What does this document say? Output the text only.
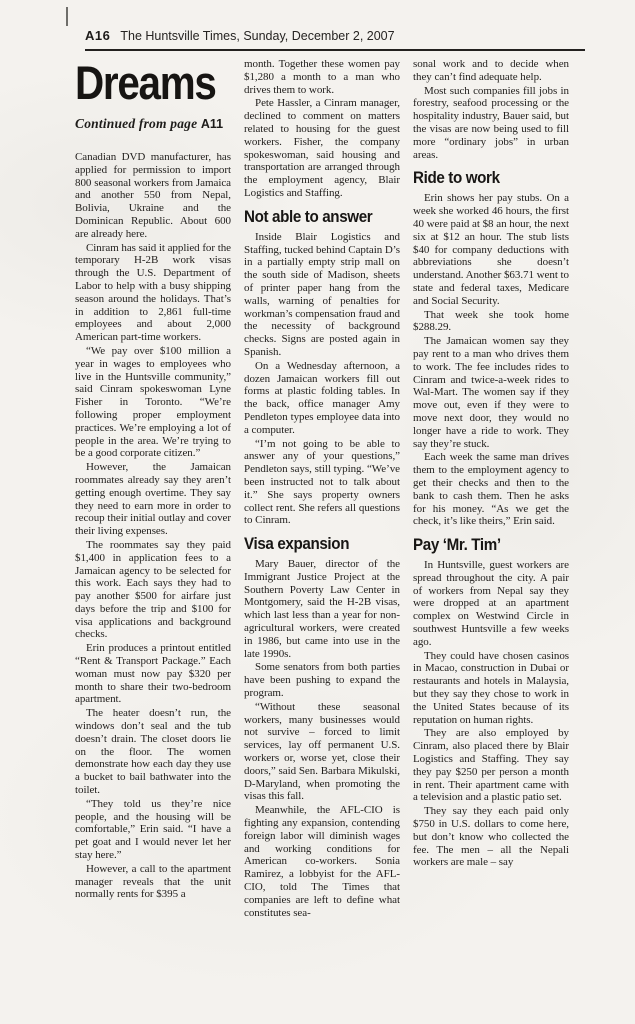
A16 The Huntsville Times, Sunday, December 2, 2007
Dreams
Continued from page A11

Canadian DVD manufacturer, has applied for permission to import 800 seasonal workers from Jamaica and another 550 from Nepal, Bolivia, Ukraine and the Dominican Republic. About 600 are already here.

Cinram has said it applied for the temporary H-2B work visas through the U.S. Department of Labor to help with a busy shipping season around the holidays. That’s in addition to 2,861 full-time employees and about 2,000 American part-time workers.

“We pay over $100 million a year in wages to employees who live in the Huntsville community,” said Cinram spokeswoman Lyne Fisher in Toronto. “We’re following proper employment practices. We’re employing a lot of people in the area. We’re trying to be a good corporate citizen.”

However, the Jamaican roommates already say they aren’t getting enough overtime. They say they need to earn more in order to recoup their initial outlay and cover their living expenses.

The roommates say they paid $1,400 in application fees to a Jamaican agency to be selected for this work. Each says they had to pay another $500 for airfare just days before the trip and $100 for visa applications and background checks.

Erin produces a printout entitled “Rent & Transport Package.” Each woman must now pay $320 per month to share their two-bedroom apartment.

The heater doesn’t run, the windows don’t seal and the tub doesn’t drain. The closet doors lie on the floor. The women demonstrate how each day they use a bucket to bail bathwater into the toilet.

“They told us they’re nice people, and the housing will be comfortable,” Erin said. “I have a pet goat and I would never let her stay here.”

However, a call to the apartment manager reveals that the unit normally rents for $395 a

month. Together these women pay $1,280 a month to a man who drives them to work.

Pete Hassler, a Cinram manager, declined to comment on matters related to housing for the guest workers. Fisher, the company spokeswoman, said housing and transportation are arranged through the employment agency, Blair Logistics and Staffing.

Not able to answer

Inside Blair Logistics and Staffing, tucked behind Captain D’s in a partially empty strip mall on the south side of Madison, sheets of printer paper hang from the walls, warning of penalties for workman’s compensation fraud and the necessity of background checks. Signs are posted again in Spanish.

On a Wednesday afternoon, a dozen Jamaican workers fill out forms at plastic folding tables. In the back, office manager Amy Pendleton types employee data into a computer.

“I’m not going to be able to answer any of your questions,” Pendleton says, still typing. “We’ve been instructed not to talk about it.” She says property owners collect rent. She refers all questions to Cinram.

Visa expansion

Mary Bauer, director of the Immigrant Justice Project at the Southern Poverty Law Center in Montgomery, said the H-2B visas, which last less than a year for non-agricultural workers, were created in 1986, but came into use in the late 1990s.

Some senators from both parties have been pushing to expand the program.

“Without these seasonal workers, many businesses would not survive – forced to limit services, lay off permanent U.S. workers or, worse yet, close their doors,” said Sen. Barbara Mikulski, D-Maryland, when promoting the visas this fall.

Meanwhile, the AFL-CIO is fighting any expansion, contending foreign labor will diminish wages and working conditions for American co-workers. Sonia Ramirez, a lobbyist for the AFL-CIO, told The Times that companies are left to define what constitutes sea-

sonal work and to decide when they can’t find adequate help.

Most such companies fill jobs in forestry, seafood processing or the hospitality industry, Bauer said, but the visas are now being used to fill more “ordinary jobs” in urban areas.

Ride to work

Erin shows her pay stubs. On a week she worked 46 hours, the first 40 were paid at $8 an hour, the next six at $12 an hour. The stub lists $40 for company deductions with abbreviations she doesn’t understand. Another $63.71 went to state and federal taxes, Medicare and Social Security.

That week she took home $288.29.

The Jamaican women say they pay rent to a man who drives them to work. The fee includes rides to Cinram and twice-a-week rides to Wal-Mart. The women say if they move out, even if they were to move next door, they would no longer have a ride to work. They say they’re stuck.

Each week the same man drives them to the employment agency to get their checks and then to the bank to cash them. Then he asks for his money. “As we get the check, it’s like theirs,” Erin said.

Pay ‘Mr. Tim’

In Huntsville, guest workers are spread throughout the city. A pair of workers from Nepal say they were dropped at an apartment complex on Westwind Circle in southwest Huntsville a few weeks ago.

They could have chosen casinos in Macao, construction in Dubai or restaurants and hotels in Malaysia, but they say they chose to work in the United States because of its reputation on human rights.

They are also employed by Cinram, also placed there by Blair Logistics and Staffing. They say they pay $250 per person a month in rent. Their apartment came with a television and a plastic patio set.

They say they each paid only $750 in U.S. dollars to come here, but don’t know who collected the fee. The men – all the Nepali workers are male – say
